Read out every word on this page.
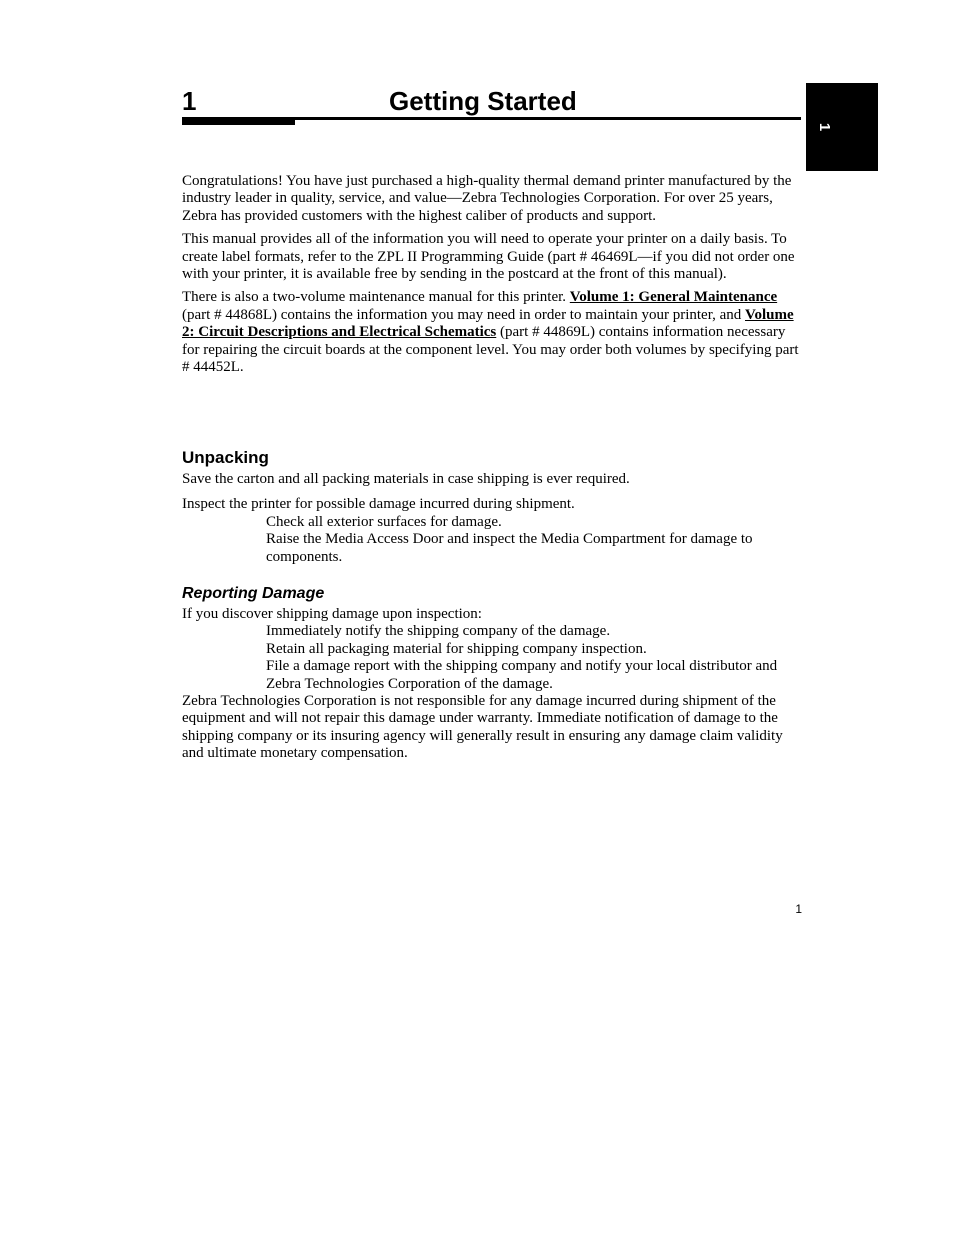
1	Getting Started
1

Congratulations! You have just purchased a high-quality thermal demand printer manufactured by the industry leader in quality, service, and value—Zebra Technologies Corporation. For over 25 years, Zebra has provided customers with the highest caliber of products and support.

This manual provides all of the information you will need to operate your printer on a daily basis. To create label formats, refer to the ZPL II Programming Guide (part # 46469L—if you did not order one with your printer, it is available free by sending in the postcard at the front of this manual).

There is also a two-volume maintenance manual for this printer. Volume 1: General Maintenance (part # 44868L) contains the information you may need in order to maintain your printer, and Volume 2: Circuit Descriptions and Electrical Schematics (part # 44869L) contains information necessary for repairing the circuit boards at the component level. You may order both volumes by specifying part # 44452L.

Unpacking

Save the carton and all packing materials in case shipping is ever required.

Inspect the printer for possible damage incurred during shipment.

Check all exterior surfaces for damage.

Raise the Media Access Door and inspect the Media Compartment for damage to components.

Reporting Damage

If you discover shipping damage upon inspection:

Immediately notify the shipping company of the damage.

Retain all packaging material for shipping company inspection.

File a damage report with the shipping company and notify your local distributor and Zebra Technologies Corporation of the damage.

Zebra Technologies Corporation is not responsible for any damage incurred during shipment of the equipment and will not repair this damage under warranty. Immediate notification of damage to the shipping company or its insuring agency will generally result in ensuring any damage claim validity and ultimate monetary compensation.

1
